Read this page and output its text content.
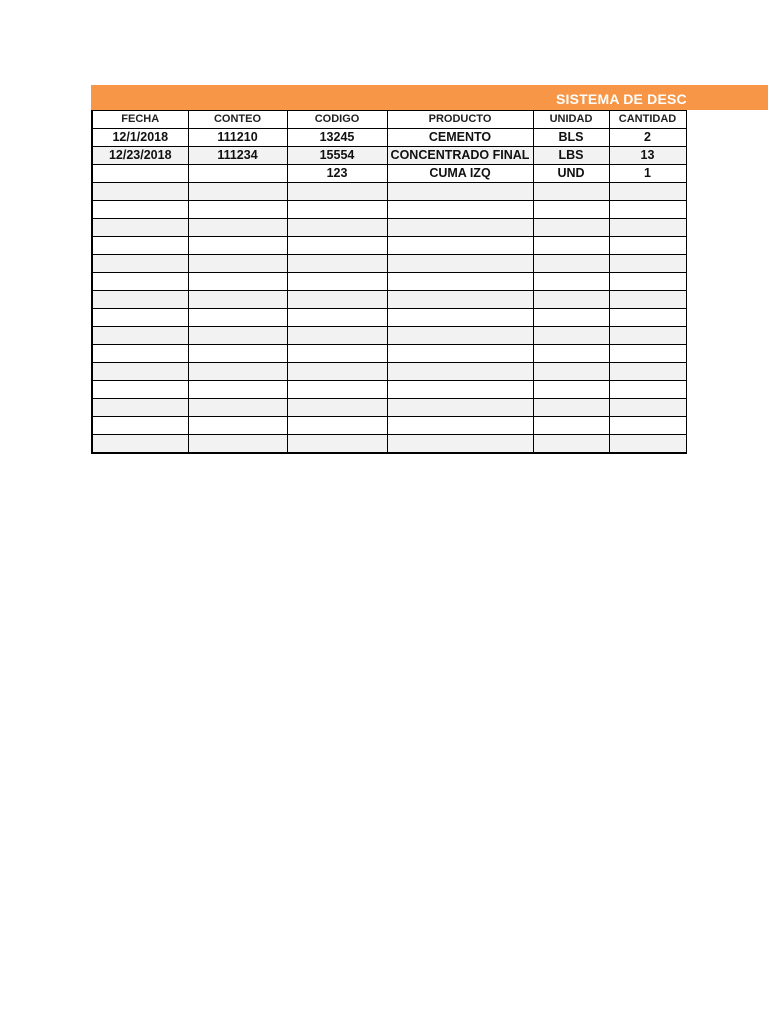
SISTEMA DE DESC
FECHA	CONTEO	CODIGO	PRODUCTO	UNIDAD	CANTIDAD
12/1/2018	111210	13245	CEMENTO	BLS	2
12/23/2018	111234	15554	CONCENTRADO FINAL	LBS	13
		123	CUMA IZQ	UND	1
